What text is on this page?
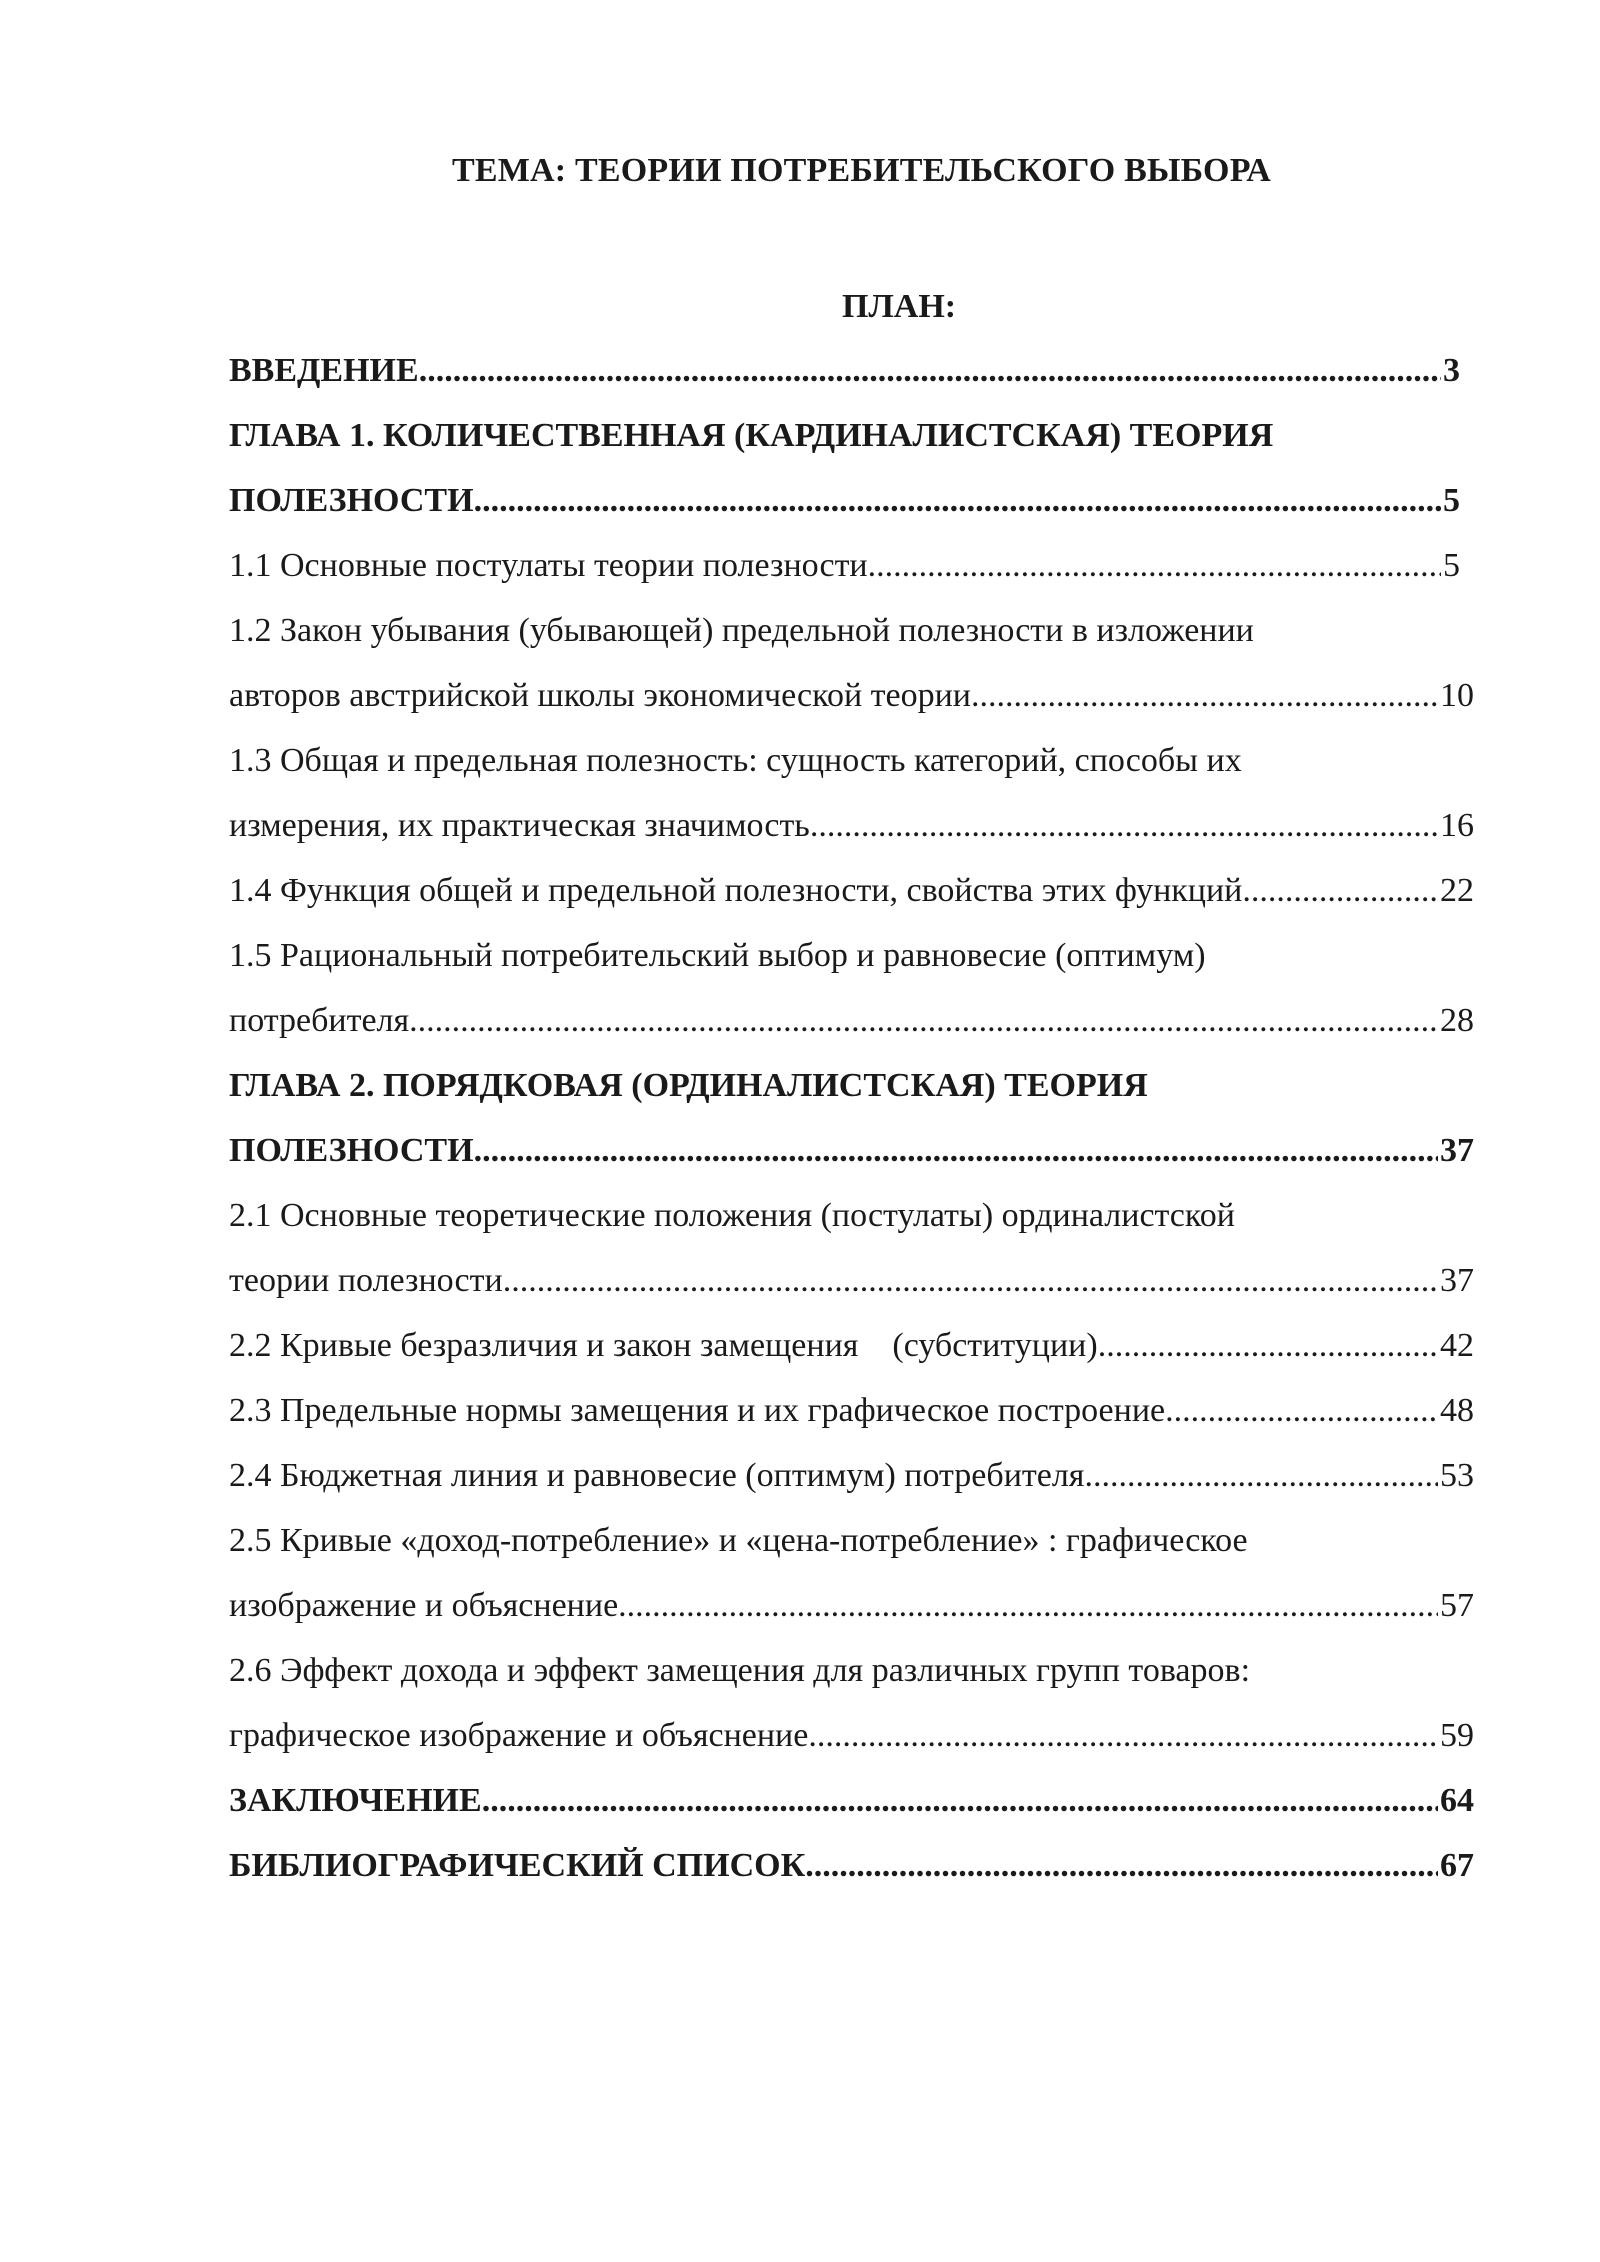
ТЕМА: ТЕОРИИ ПОТРЕБИТЕЛЬСКОГО ВЫБОРА
ПЛАН:
ВВЕДЕНИЕ .....	3
ГЛАВА 1. КОЛИЧЕСТВЕННАЯ (КАРДИНАЛИСТСКАЯ) ТЕОРИЯ
ПОЛЕЗНОСТИ .....	5
1.1 Основные постулаты теории полезности .....	5
1.2 Закон убывания (убывающей) предельной полезности в изложении
авторов австрийской школы экономической теории .....	10
1.3 Общая и предельная полезность: сущность категорий, способы их
измерения, их практическая значимость .....	16
1.4 Функция общей и предельной полезности, свойства этих функций .....	22
1.5 Рациональный потребительский выбор и равновесие (оптимум)
потребителя .....	28
ГЛАВА 2. ПОРЯДКОВАЯ (ОРДИНАЛИСТСКАЯ) ТЕОРИЯ
ПОЛЕЗНОСТИ .....	37
2.1 Основные теоретические положения (постулаты) ординалистской
теории полезности .....	37
2.2 Кривые безразличия и закон замещения    (субституции) .....	42
2.3 Предельные нормы замещения и их графическое построение .....	48
2.4 Бюджетная линия и равновесие (оптимум) потребителя .....	53
2.5 Кривые «доход-потребление» и «цена-потребление» : графическое
изображение и объяснение .....	57
2.6 Эффект дохода и эффект замещения для различных групп товаров:
графическое изображение и объяснение .....	59
ЗАКЛЮЧЕНИЕ .....	64
БИБЛИОГРАФИЧЕСКИЙ СПИСОК .....	67
